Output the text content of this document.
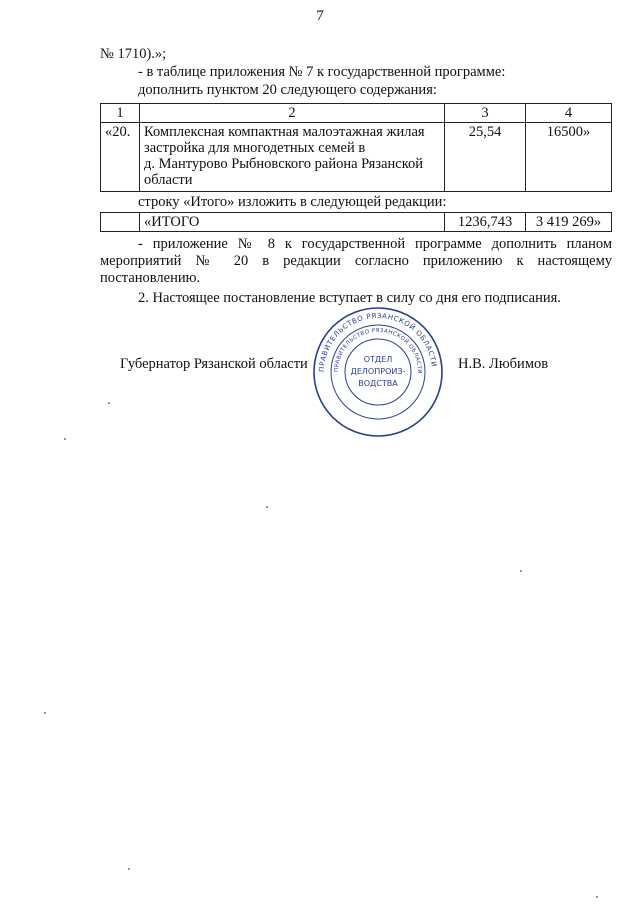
7
№ 1710).»;
- в таблице приложения № 7 к государственной программе:
дополнить пунктом 20 следующего содержания:
1	2	3	4
«20.	Комплексная компактная малоэтажная жилая
застройка для многодетных семей в
д. Мантурово Рыбновского района Рязанской
области	25,54	16500»
строку «Итого» изложить в следующей редакции:
	«ИТОГО	1236,743	3 419 269»
- приложение № 8 к государственной программе дополнить планом мероприятий № 20 в редакции согласно приложению к настоящему постановлению.
2. Настоящее постановление вступает в силу со дня его подписания.
Губернатор Рязанской области ПРАВИТЕЛЬСТВО РЯЗАНСКОЙ ОБЛАСТИ
ПРАВИТЕЛЬСТВО РЯЗАНСКОЙ ОБЛАСТИ
ОТДЕЛ
ДЕЛОПРОИЗ-
ВОДСТВА
Н.В. Любимов
